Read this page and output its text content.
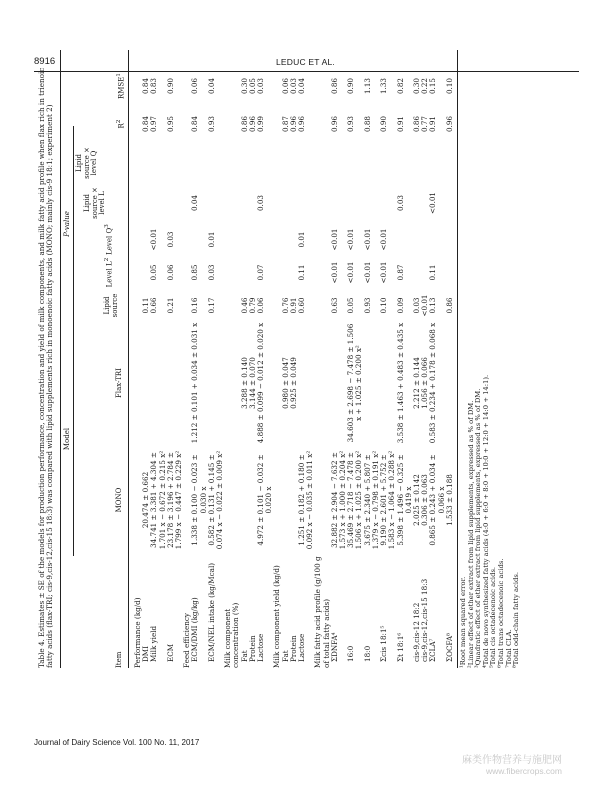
8916	LEDUC ET AL.
Table 4. Estimates ± SE of the models for production performance, concentration and yield of milk components, and milk fatty acid profile when flax rich in trienoic fatty acids (flax-TRI; cis-9,cis-12,cis-15 18:3) was compared with lipid supplements rich in monoenoic fatty acids (MONO; mainly cis-9 18:1; experiment 2) Model
P-value
Item
MONO
Flax-TRI
Lipid source
Level $L^2$
Level $Q^3$
Lipid source × level L
Lipid source × level Q
$R^2$
RMSE$^1$
Performance (kg/d) DMI
20.474 ± 0.662
0.11
0.84
0.84
Milk yield
34.741 ± 3.381 + 4.304 ± 1.701 x − 0.672 ± 0.215 x²
0.66
0.05
<0.01
0.97
0.83
ECM
23.178 ± 3.196 + 2.784 ± 1.799 x − 0.447 ± 0.229 x²
0.21
0.06
0.03
0.95
0.90
Feed efficiency ECM/DMI (kg/kg)
1.338 ± 0.100 − 0.023 ± 0.030 x
1.212 ± 0.101 + 0.034 ± 0.031 x
0.16
0.85
0.04
0.84
0.06
ECM/NEL intake (kg/Mcal)
0.582 ± 0.131 + 0.145 ± 0.074 x − 0.022 ± 0.009 x²
0.17
0.03
0.01
0.93
0.04
Milk component concentration (%) Fat
3.288 ± 0.140
0.46
0.86
0.30
Protein
3.144 ± 0.070
0.79
0.96
0.05
Lactose
4.972 ± 0.101 − 0.032 ± 0.020 x
4.888 ± 0.099 − 0.012 ± 0.020 x
0.06
0.07
0.03
0.99
0.03
Milk component yield (kg/d) Fat
0.980 ± 0.047
0.76
0.87
0.06
Protein
0.925 ± 0.049
0.91
0.96
0.03
Lactose
1.251 ± 0.182 + 0.180 ± 0.092 x − 0.035 ± 0.011 x²
0.60
0.11
0.01
0.96
0.04
Milk fatty acid profile (g/100 g of total fatty acids) ΣDNFA⁴
32.882 ± 2.904 − 7.632 ± 1.573 x + 1.000 ± 0.204 x²
0.63
<0.01
<0.01
0.96
0.86
16:0
35.469 ± 2.718 − 7.478 ± 1.506 x + 1.025 ± 0.200 x²
34.603 ± 2.698 − 7.478 ± 1.506 x + 1.025 ± 0.200 x²
0.05
<0.01
<0.01
0.93
0.90
18:0
3.675 ± 2.340 + 5.807 ± 1.379 x − 0.798 ± 0.191 x²
0.93
<0.01
<0.01
0.88
1.13
Σcis 18:1⁵
9.190 ± 2.601 + 5.752 ± 1.583 x − 1.064 ± 0.288 x²
0.10
<0.01
<0.01
0.90
1.33
Σt 18:1⁶
5.398 ± 1.496 − 0.325 ± 0.419 x
3.538 ± 1.463 + 0.483 ± 0.435 x
0.09
0.87
0.03
0.91
0.82
cis-9,cis-12 18:2
2.025 ± 0.142
2.212 ± 0.144
0.03
0.86
0.30
cis-9,cis-12,cis-15 18:3
0.306 ± 0.063
1.056 ± 0.066
<0.01
0.77
0.22
ΣCLA⁷
0.865 ± 0.243 + 0.034 ± 0.066 x
0.583 ± 0.234 + 0.178 ± 0.068 x
0.13
0.11
<0.01
0.91
0.15
ΣOCFA⁸
1.533 ± 0.188
0.86
0.96
0.10
¹Root mean squared error. ²Linear effect of ether extract from lipid supplements, expressed as % of DM. ³Quadratic effect of ether extract from lipid supplements, expressed as % of DM. ⁴Total de novo synthesized fatty acids (4:0 + 6:0 + 8:0 + 10:0 + 12:0 + 14:0 + 14:1). ⁵Total cis octadecenoic acids. ⁶Total trans octadecenoic acids. ⁷Total CLA. ⁸Total odd-chain fatty acids.
Journal of Dairy Science Vol. 100 No. 11, 2017
麻类作物营养与施肥网
www.fibercrops.com
